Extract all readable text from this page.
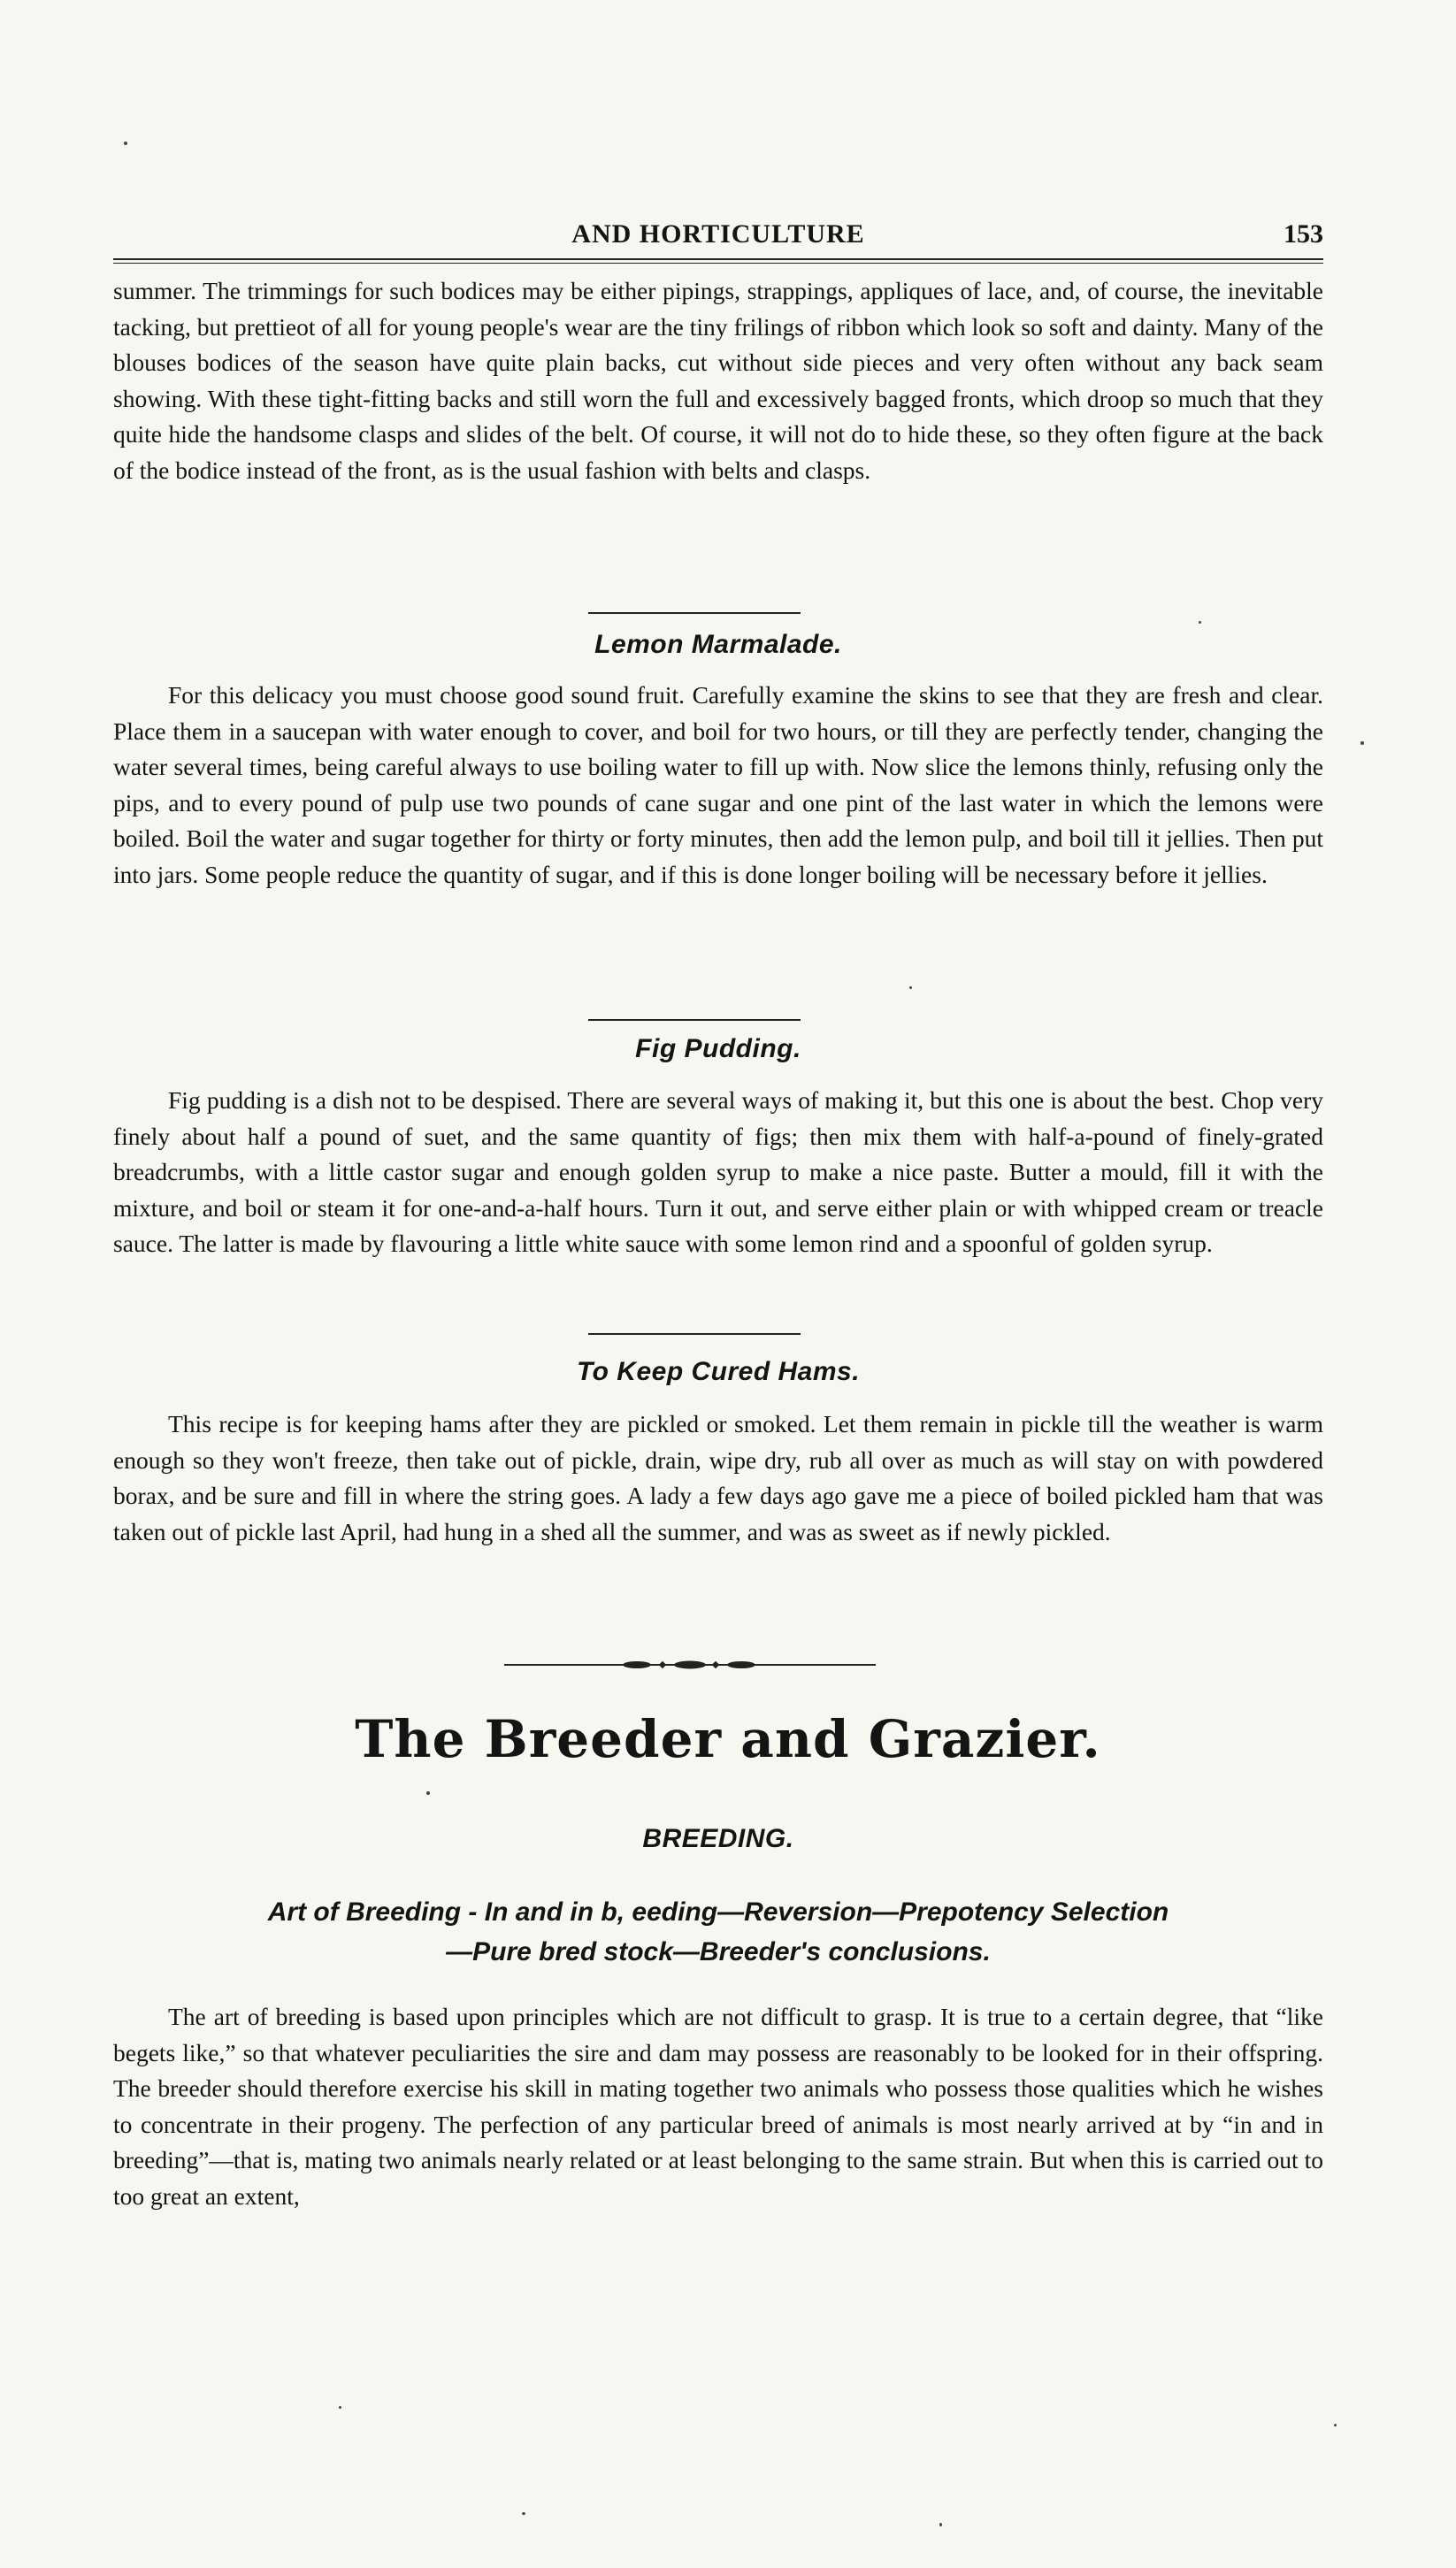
AND HORTICULTURE	153

summer. The trimmings for such bodices may be either pipings, strappings, appliques of lace, and, of course, the inevitable tacking, but prettieot of all for young people's wear are the tiny frilings of ribbon which look so soft and dainty. Many of the blouses bodices of the season have quite plain backs, cut without side pieces and very often without any back seam showing. With these tight-fitting backs and still worn the full and excessively bagged fronts, which droop so much that they quite hide the handsome clasps and slides of the belt. Of course, it will not do to hide these, so they often figure at the back of the bodice instead of the front, as is the usual fashion with belts and clasps.

Lemon Marmalade.

For this delicacy you must choose good sound fruit. Carefully examine the skins to see that they are fresh and clear. Place them in a saucepan with water enough to cover, and boil for two hours, or till they are perfectly tender, changing the water several times, being careful always to use boiling water to fill up with. Now slice the lemons thinly, refusing only the pips, and to every pound of pulp use two pounds of cane sugar and one pint of the last water in which the lemons were boiled. Boil the water and sugar together for thirty or forty minutes, then add the lemon pulp, and boil till it jellies. Then put into jars. Some people reduce the quantity of sugar, and if this is done longer boiling will be necessary before it jellies.

Fig Pudding.

Fig pudding is a dish not to be despised. There are several ways of making it, but this one is about the best. Chop very finely about half a pound of suet, and the same quantity of figs; then mix them with half-a-pound of finely-grated breadcrumbs, with a little castor sugar and enough golden syrup to make a nice paste. Butter a mould, fill it with the mixture, and boil or steam it for one-and-a-half hours. Turn it out, and serve either plain or with whipped cream or treacle sauce. The latter is made by flavouring a little white sauce with some lemon rind and a spoonful of golden syrup.

To Keep Cured Hams.

This recipe is for keeping hams after they are pickled or smoked. Let them remain in pickle till the weather is warm enough so they won't freeze, then take out of pickle, drain, wipe dry, rub all over as much as will stay on with powdered borax, and be sure and fill in where the string goes. A lady a few days ago gave me a piece of boiled pickled ham that was taken out of pickle last April, had hung in a shed all the summer, and was as sweet as if newly pickled.

The Breeder and Grazier.
BREEDING.
Art of Breeding - In and in b, eeding—Reversion—Prepotency Selection
—Pure bred stock—Breeder's conclusions.

The art of breeding is based upon principles which are not difficult to grasp. It is true to a certain degree, that “like begets like,” so that whatever peculiarities the sire and dam may possess are reasonably to be looked for in their offspring. The breeder should therefore exercise his skill in mating together two animals who possess those qualities which he wishes to concentrate in their progeny. The perfection of any particular breed of animals is most nearly arrived at by “in and in breeding”—that is, mating two animals nearly related or at least belonging to the same strain. But when this is carried out to too great an extent,
